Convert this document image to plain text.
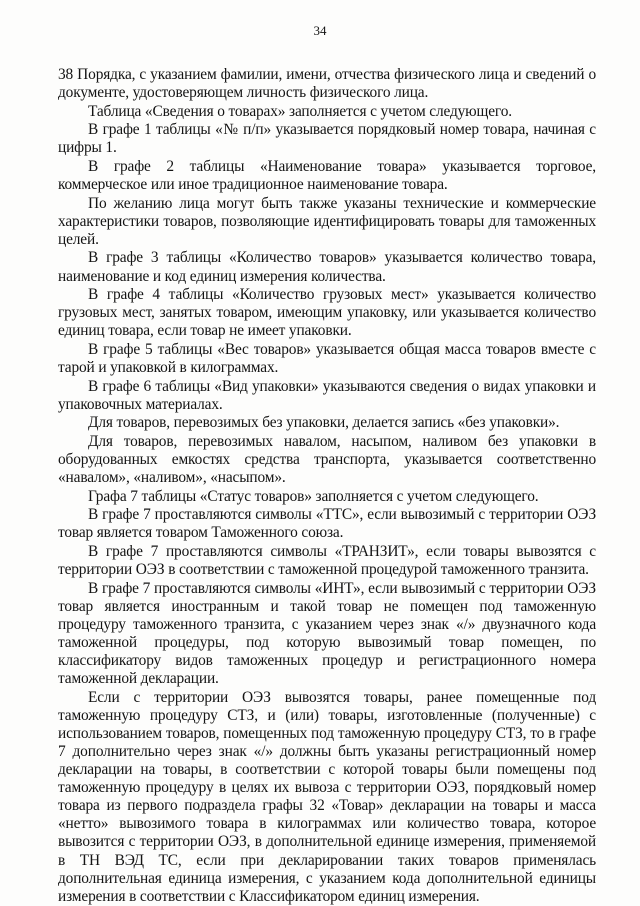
34

38 Порядка, с указанием фамилии, имени, отчества физического лица и сведений о документе, удостоверяющем личность физического лица.

Таблица «Сведения о товарах» заполняется с учетом следующего.

В графе 1 таблицы «№ п/п» указывается порядковый номер товара, начиная с цифры 1.

В графе 2 таблицы «Наименование товара» указывается торговое, коммерческое или иное традиционное наименование товара.

По желанию лица могут быть также указаны технические и коммерческие характеристики товаров, позволяющие идентифицировать товары для таможенных целей.

В графе 3 таблицы «Количество товаров» указывается количество товара, наименование и код единиц измерения количества.

В графе 4 таблицы «Количество грузовых мест» указывается количество грузовых мест, занятых товаром, имеющим упаковку, или указывается количество единиц товара, если товар не имеет упаковки.

В графе 5 таблицы «Вес товаров» указывается общая масса товаров вместе с тарой и упаковкой в килограммах.

В графе 6 таблицы «Вид упаковки» указываются сведения о видах упаковки и упаковочных материалах.

Для товаров, перевозимых без упаковки, делается запись «без упаковки».

Для товаров, перевозимых навалом, насыпом, наливом без упаковки в оборудованных емкостях средства транспорта, указывается соответственно «навалом», «наливом», «насыпом».

Графа 7 таблицы «Статус товаров» заполняется с учетом следующего.

В графе 7 проставляются символы «ТТС», если вывозимый с территории ОЭЗ товар является товаром Таможенного союза.

В графе 7 проставляются символы «ТРАНЗИТ», если товары вывозятся с территории ОЭЗ в соответствии с таможенной процедурой таможенного транзита.

В графе 7 проставляются символы «ИНТ», если вывозимый с территории ОЭЗ товар является иностранным и такой товар не помещен под таможенную процедуру таможенного транзита, с указанием через знак «/» двузначного кода таможенной процедуры, под которую вывозимый товар помещен, по классификатору видов таможенных процедур и регистрационного номера таможенной декларации.

Если с территории ОЭЗ вывозятся товары, ранее помещенные под таможенную процедуру СТЗ, и (или) товары, изготовленные (полученные) с использованием товаров, помещенных под таможенную процедуру СТЗ, то в графе 7 дополнительно через знак «/» должны быть указаны регистрационный номер декларации на товары, в соответствии с которой товары были помещены под таможенную процедуру в целях их вывоза с территории ОЭЗ, порядковый номер товара из первого подраздела графы 32 «Товар» декларации на товары и масса «нетто» вывозимого товара в килограммах или количество товара, которое вывозится с территории ОЭЗ, в дополнительной единице измерения, применяемой в ТН ВЭД ТС, если при декларировании таких товаров применялась дополнительная единица измерения, с указанием кода дополнительной единицы измерения в соответствии с Классификатором единиц измерения.
